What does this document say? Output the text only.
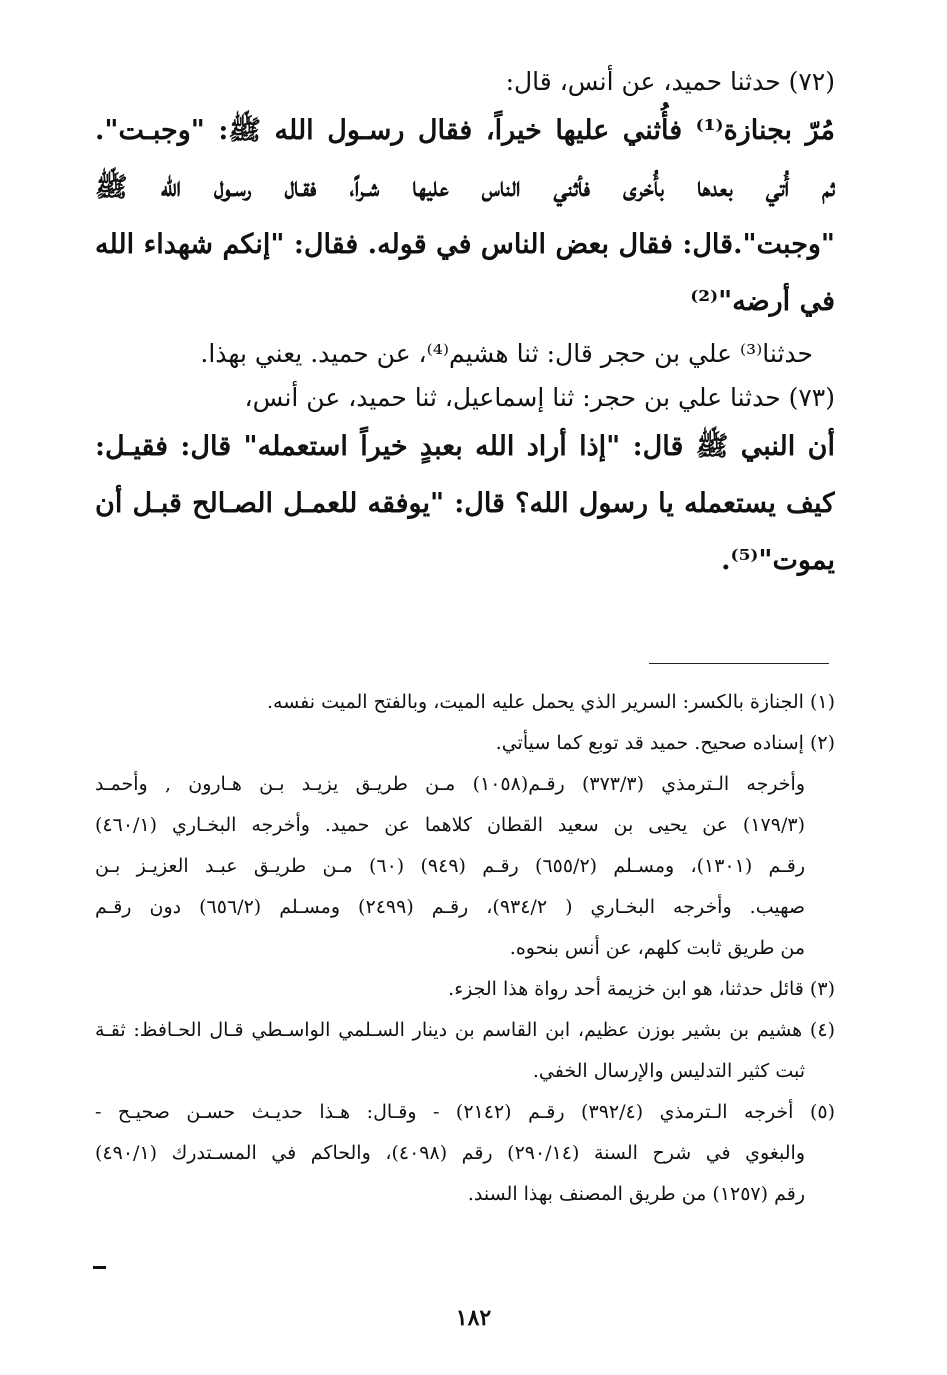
(٧٢) حدثنا حميد، عن أنس، قال:
مُرّ بجنازة⁽¹⁾ فأُثني عليها خيراً، فقال رسـول الله ﷺ: "وجبـت".
ثم أُتي بعدها بأُخرى فأثني الناس عليها شـراً، فقـال رسـول الله ﷺ
"وجبت".قال: فقال بعض الناس في قوله. فقال: "إنكم شهداء الله
في أرضه"⁽²⁾
حدثنا⁽³⁾ علي بن حجر قال: ثنا هشيم⁽⁴⁾، عن حميد. يعني بهذا.
(٧٣) حدثنا علي بن حجر: ثنا إسماعيل، ثنا حميد، عن أنس،
أن النبي ﷺ قال: "إذا أراد الله بعبدٍ خيراً استعمله" قال: فقيـل:
كيف يستعمله يا رسول الله؟ قال: "يوفقه للعمـل الصـالح قبـل أن
يموت"⁽⁵⁾.
(١) الجنازة بالكسر: السرير الذي يحمل عليه الميت، وبالفتح الميت نفسه.
(٢) إسناده صحيح. حميد قد توبع كما سيأتي.
وأخرجه الـترمذي (٣٧٣/٣) رقـم(١٠٥٨) مـن طريـق يزيـد بـن هـارون , وأحمـد
(١٧٩/٣) عن يحيى بن سعيد القطان كلاهما عن حميد. وأخرجه البخـاري (٤٦٠/١)
رقـم (١٣٠١)، ومسـلم (٦٥٥/٢) رقـم (٩٤٩) (٦٠) مـن طريـق عبـد العزيـز بـن
صهيب. وأخرجه البخـاري ( ٩٣٤/٢)، رقـم (٢٤٩٩) ومسـلم (٦٥٦/٢) دون رقـم
من طريق ثابت كلهم، عن أنس بنحوه.
(٣) قائل حدثنا، هو ابن خزيمة أحد رواة هذا الجزء.
(٤) هشيم بن بشير بوزن عظيم، ابن القاسم بن دينار السـلمي الواسـطي قـال الحـافظ: ثقـة
ثبت كثير التدليس والإرسال الخفي.
(٥) أخرجه الـترمذي (٣٩٢/٤) رقـم (٢١٤٢) - وقـال: هـذا حديـث حسـن صحيـح -
والبغوي في شرح السنة (٢٩٠/١٤) رقم (٤٠٩٨)، والحاكم في المسـتدرك (٤٩٠/١)
رقم (١٢٥٧) من طريق المصنف بهذا السند.
١٨٢
